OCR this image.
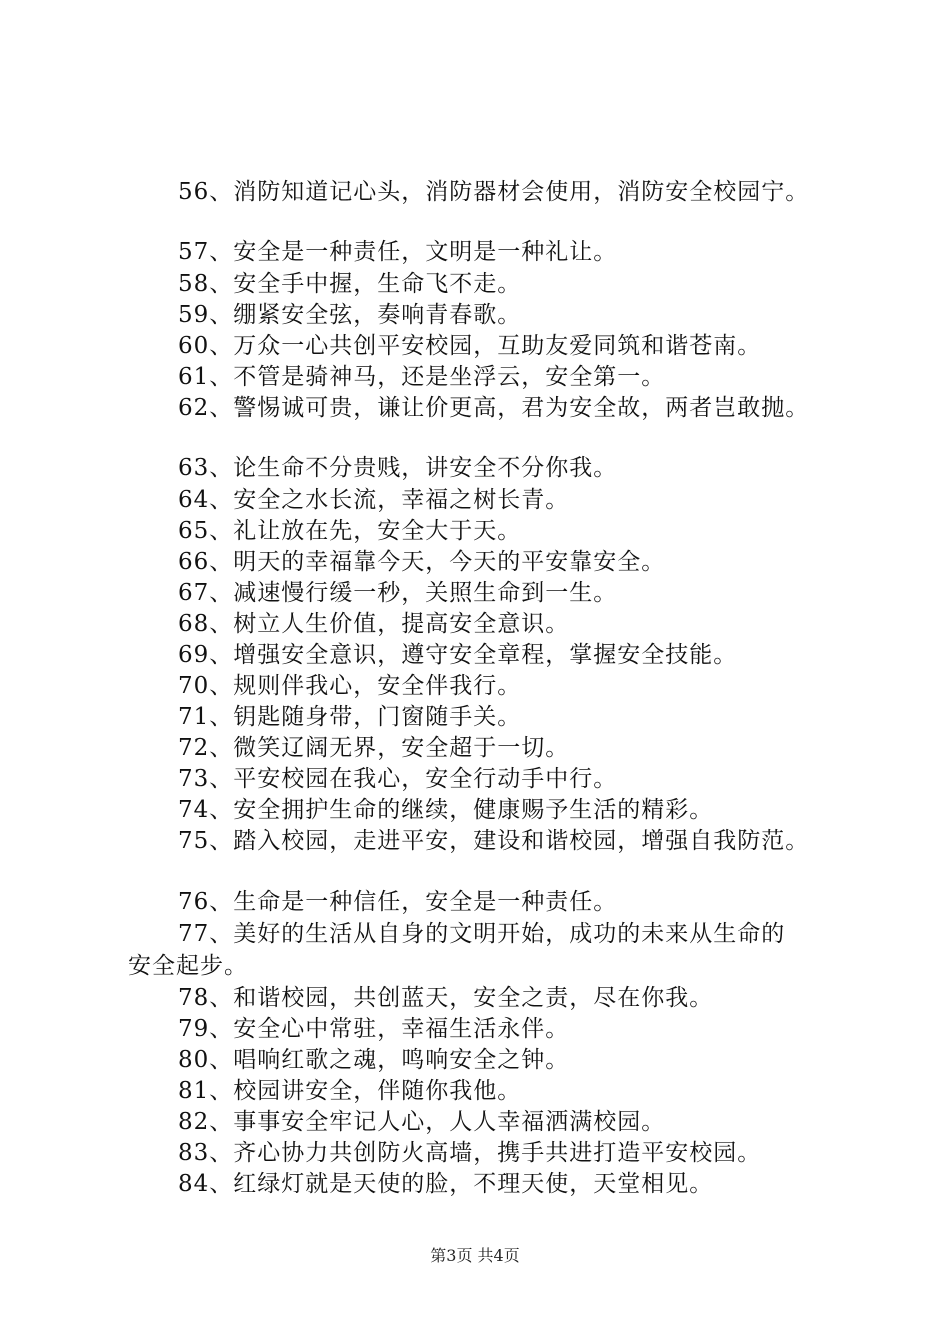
56、消防知道记心头，消防器材会使用，消防安全校园宁。
57、安全是一种责任，文明是一种礼让。
58、安全手中握，生命飞不走。
59、绷紧安全弦，奏响青春歌。
60、万众一心共创平安校园，互助友爱同筑和谐苍南。
61、不管是骑神马，还是坐浮云，安全第一。
62、警惕诚可贵，谦让价更高，君为安全故，两者岂敢抛。
63、论生命不分贵贱，讲安全不分你我。
64、安全之水长流，幸福之树长青。
65、礼让放在先，安全大于天。
66、明天的幸福靠今天，今天的平安靠安全。
67、减速慢行缓一秒，关照生命到一生。
68、树立人生价值，提高安全意识。
69、增强安全意识，遵守安全章程，掌握安全技能。
70、规则伴我心，安全伴我行。
71、钥匙随身带，门窗随手关。
72、微笑辽阔无界，安全超于一切。
73、平安校园在我心，安全行动手中行。
74、安全拥护生命的继续，健康赐予生活的精彩。
75、踏入校园，走进平安，建设和谐校园，增强自我防范。
76、生命是一种信任，安全是一种责任。
77、美好的生活从自身的文明开始，成功的未来从生命的
安全起步。
78、和谐校园，共创蓝天，安全之责，尽在你我。
79、安全心中常驻，幸福生活永伴。
80、唱响红歌之魂，鸣响安全之钟。
81、校园讲安全，伴随你我他。
82、事事安全牢记人心，人人幸福洒满校园。
83、齐心协力共创防火高墙，携手共进打造平安校园。
84、红绿灯就是天使的脸，不理天使，天堂相见。
第3页 共4页
